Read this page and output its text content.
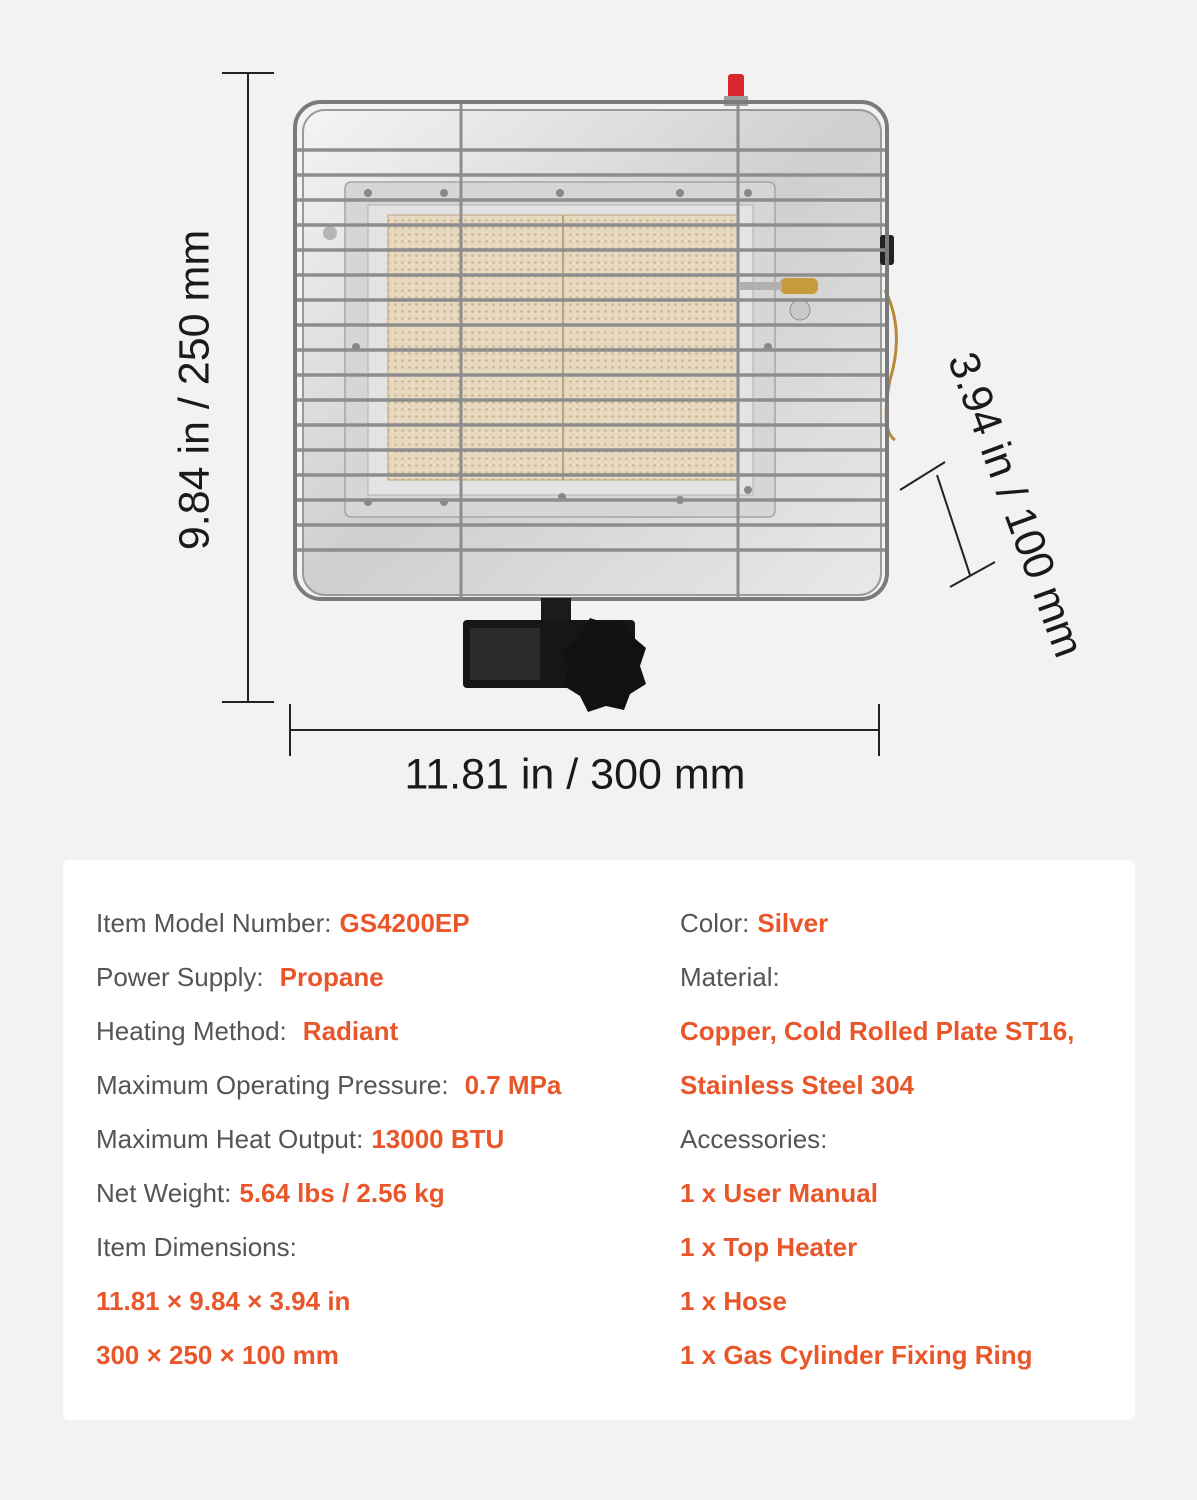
11.81 in / 300 mm
9.84 in / 250 mm	3.94 in / 100 mm
Item Model Number: GS4200EP
Power Supply: Propane
Heating Method: Radiant
Maximum Operating Pressure: 0.7 MPa
Maximum Heat Output: 13000 BTU
Net Weight: 5.64 lbs / 2.56 kg
Item Dimensions:
11.81 × 9.84 × 3.94 in
300 × 250 × 100 mm
Color: Silver
Material:
Copper, Cold Rolled Plate ST16,
Stainless Steel 304
Accessories:
1 x User Manual
1 x Top Heater
1 x Hose
1 x Gas Cylinder Fixing Ring
